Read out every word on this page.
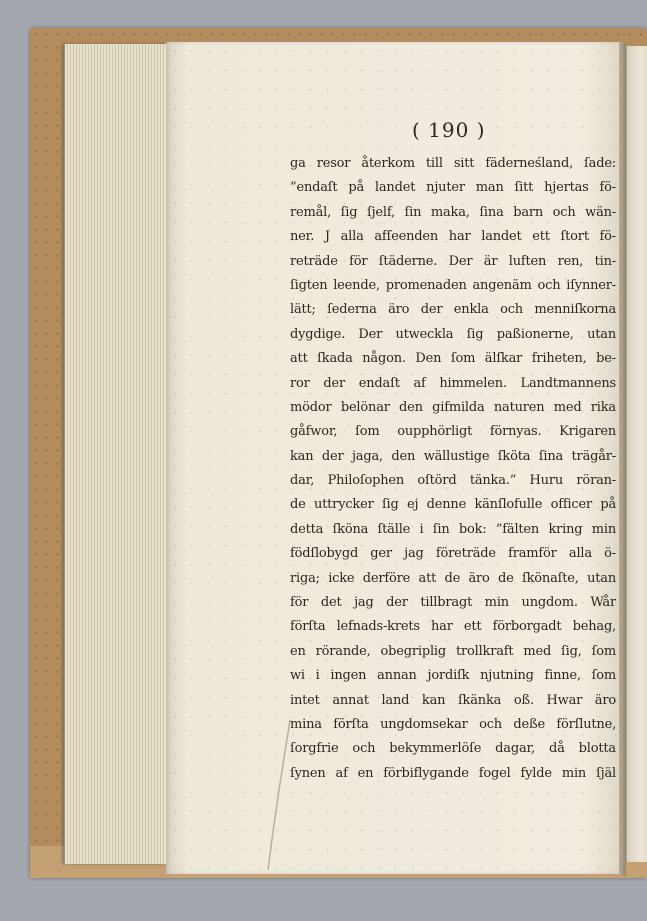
( 190 )
ga resor återkom till sitt fäderneśland, ſade:
”endaſt på landet njuter man ſitt hjertas fö-
remål, ſig ſjelf, ſin maka, ſina barn och wän-
ner. J alla afſeenden har landet ett ſtort fö-
reträde för ſtäderne. Der är luften ren, tin-
ſigten leende, promenaden angenäm och iſynner-
lätt; ſederna äro der enkla och menniſkorna
dygdige. Der utweckla ſig paßionerne, utan
att ſkada någon. Den ſom älſkar friheten, be-
ror der endaſt af himmelen. Landtmannens
mödor belönar den gifmilda naturen med rika
gåfwor, ſom oupphörligt förnyas. Krigaren
kan der jaga, den wällustige ſköta ſina trägår-
dar, Philoſophen oſtörd tänka.” Huru röran-
de uttrycker ſig ej denne känſlofulle officer på
detta ſköna ſtälle i ſin bok: ”fälten kring min
födſlobygd ger jag företräde framför alla ö-
riga; icke derföre att de äro de ſkönaſte, utan
för det jag der tillbragt min ungdom. Wår
förſta lefnads-krets har ett förborgadt behag,
en rörande, obegriplig trollkraft med ſig, ſom
wi i ingen annan jordiſk njutning finne, ſom
intet annat land kan ſkänka oß. Hwar äro
mina förſta ungdomsekar och deße förſlutne,
ſorgfrie och bekymmerlöſe dagar, då blotta
ſynen af en förbiflygande fogel fylde min ſjäl
